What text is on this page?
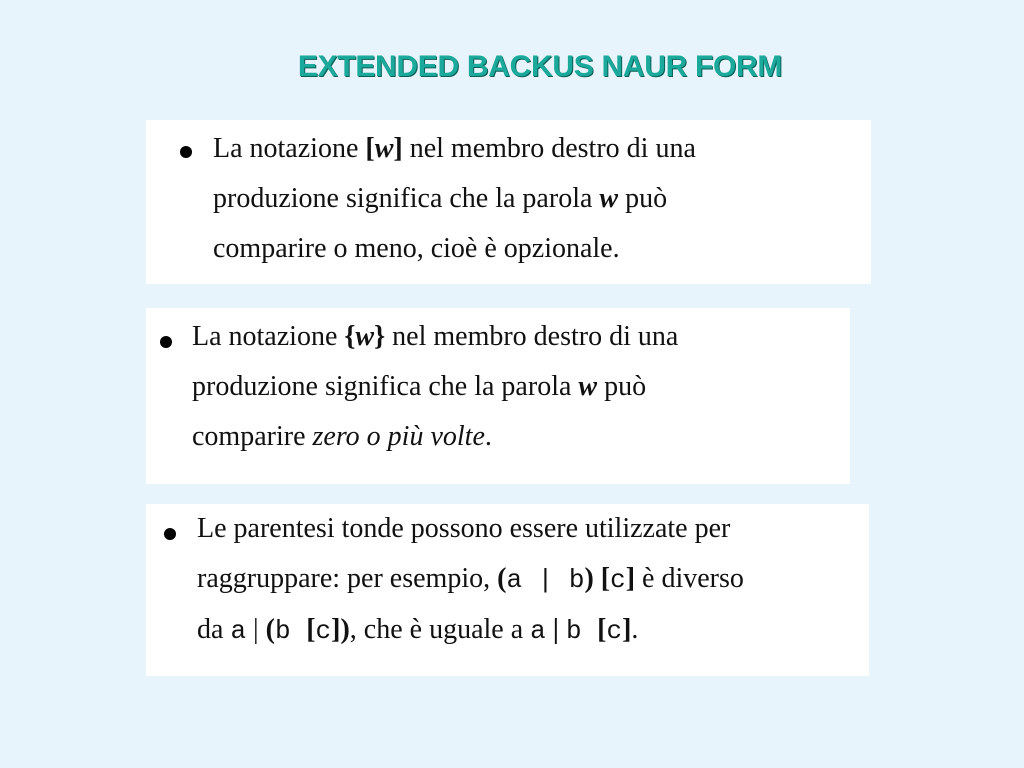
EXTENDED BACKUS NAUR FORM
La notazione [w] nel membro destro di una
produzione significa che la parola w può
comparire o meno, cioè è opzionale.
La notazione {w} nel membro destro di una
produzione significa che la parola w può
comparire zero o più volte.
Le parentesi tonde possono essere utilizzate per
raggruppare: per esempio, (a | b) [c] è diverso
da a | (b [c]), che è uguale a a | b [c].
